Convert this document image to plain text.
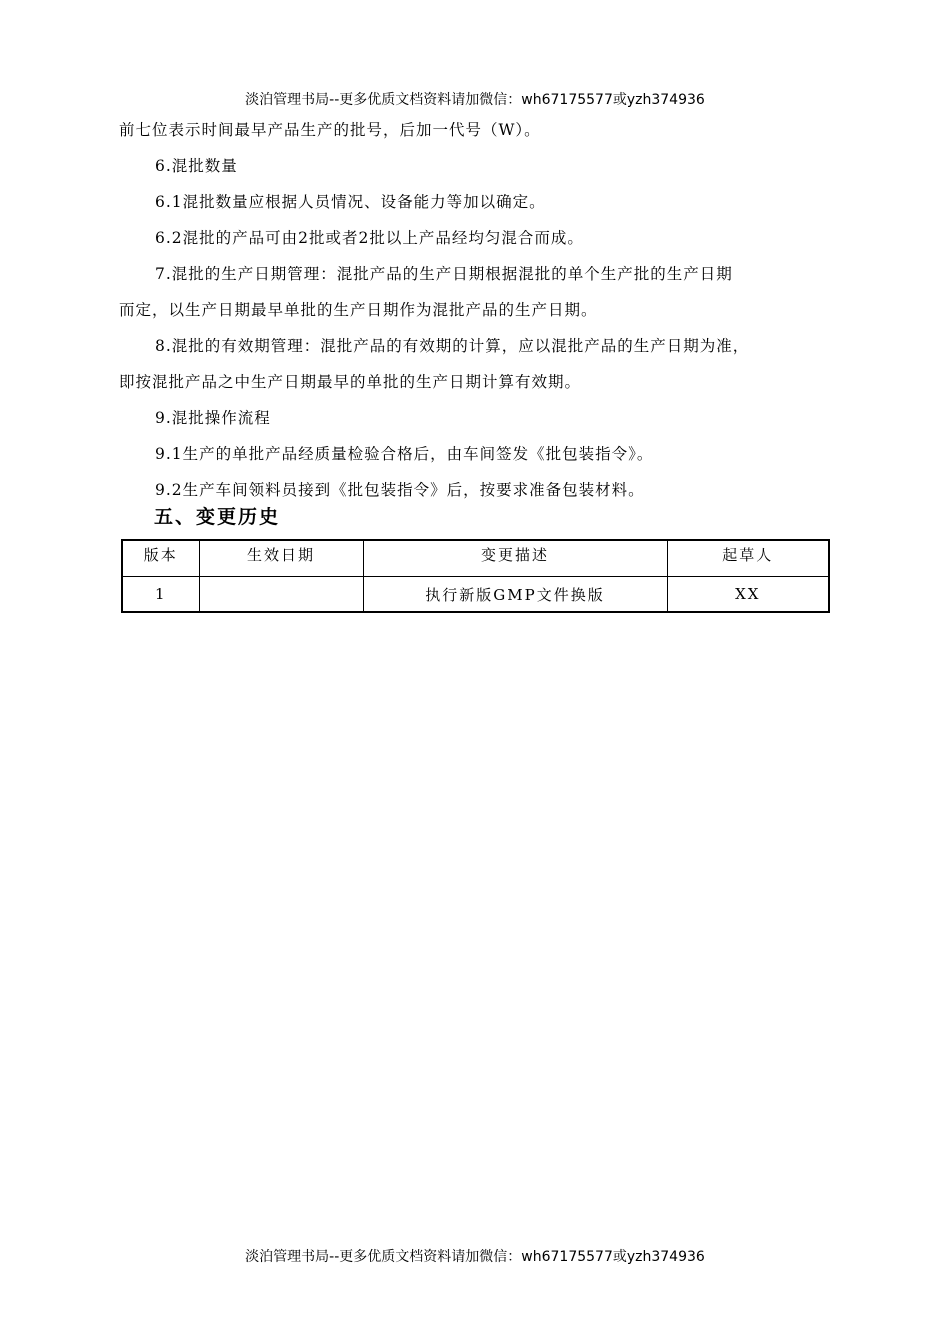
淡泊管理书局--更多优质文档资料请加微信：wh67175577或yzh374936

前七位表示时间最早产品生产的批号，后加一代号（W）。

6.混批数量

6.1混批数量应根据人员情况、设备能力等加以确定。

6.2混批的产品可由2批或者2批以上产品经均匀混合而成。

7.混批的生产日期管理：混批产品的生产日期根据混批的单个生产批的生产日期

而定，以生产日期最早单批的生产日期作为混批产品的生产日期。

8.混批的有效期管理：混批产品的有效期的计算，应以混批产品的生产日期为准，

即按混批产品之中生产日期最早的单批的生产日期计算有效期。

9.混批操作流程

9.1生产的单批产品经质量检验合格后，由车间签发《批包装指令》。

9.2生产车间领料员接到《批包装指令》后，按要求准备包装材料。

五、变更历史
版本	生效日期	变更描述	起草人
1		执行新版GMP文件换版	XX
淡泊管理书局--更多优质文档资料请加微信：wh67175577或yzh374936
